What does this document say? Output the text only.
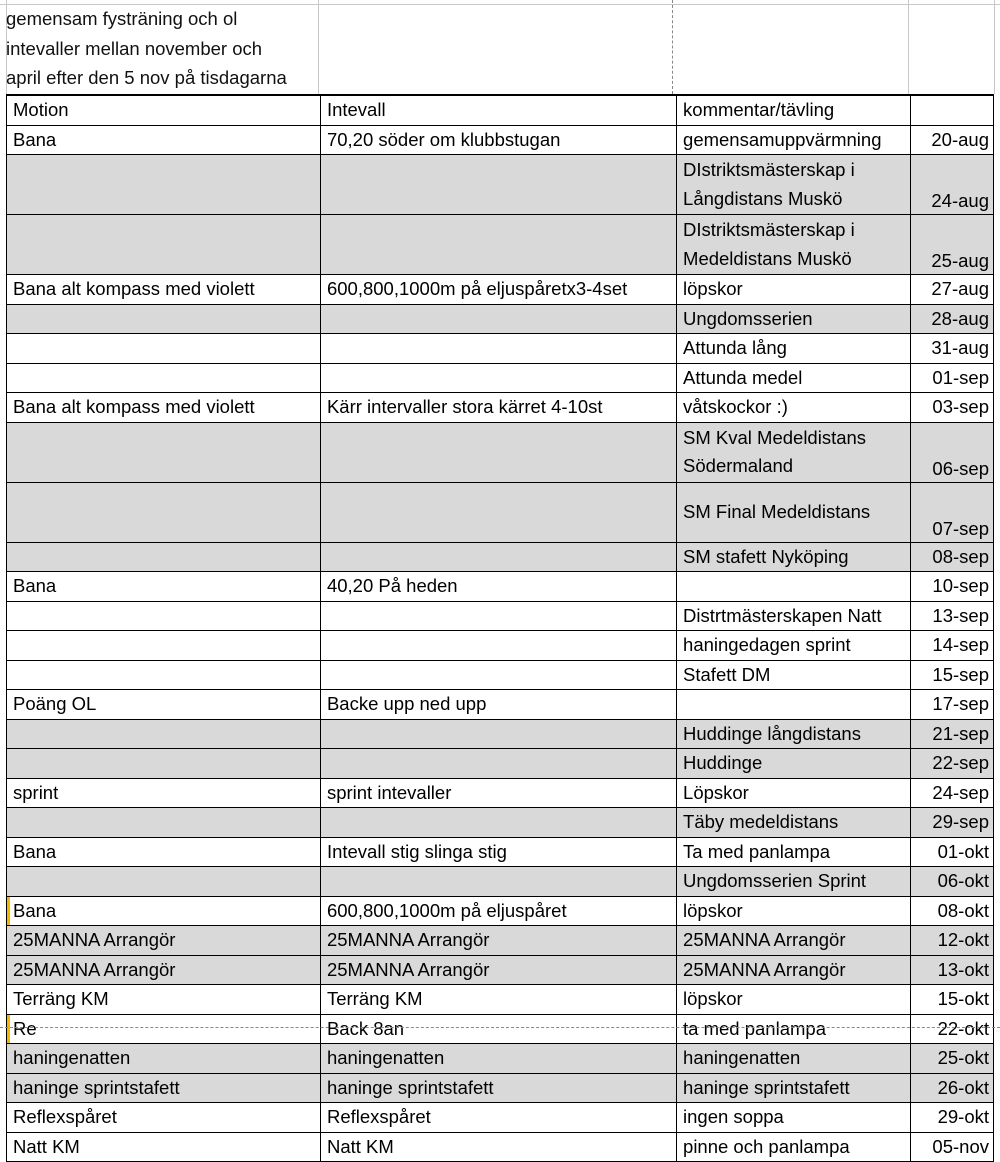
gemensam fysträning och ol
intevaller mellan november och
april efter den 5 nov på tisdagarna
Motion	Intevall	kommentar/tävling	
Bana	70,20 söder om klubbstugan	gemensamuppvärmning	20-aug
		DIstriktsmästerskap i Långdistans Muskö	24-aug
		DIstriktsmästerskap i Medeldistans Muskö	25-aug
Bana alt kompass med violett	600,800,1000m på eljuspåretx3-4set	löpskor	27-aug
		Ungdomsserien	28-aug
		Attunda lång	31-aug
		Attunda medel	01-sep
Bana alt kompass med violett	Kärr intervaller stora kärret 4-10st	våtskockor :)	03-sep
		SM Kval Medeldistans Södermaland	06-sep
		SM Final Medeldistans	07-sep
		SM stafett Nyköping	08-sep
Bana	40,20 På heden		10-sep
		Distrtmästerskapen Natt	13-sep
		haningedagen sprint	14-sep
		Stafett DM	15-sep
Poäng OL	Backe upp ned upp		17-sep
		Huddinge långdistans	21-sep
		Huddinge	22-sep
sprint	sprint intevaller	Löpskor	24-sep
		Täby medeldistans	29-sep
Bana	Intevall stig slinga stig	Ta med panlampa	01-okt
		Ungdomsserien Sprint	06-okt
Bana	600,800,1000m på eljuspåret	löpskor	08-okt
25MANNA Arrangör	25MANNA Arrangör	25MANNA Arrangör	12-okt
25MANNA Arrangör	25MANNA Arrangör	25MANNA Arrangör	13-okt
Terräng KM	Terräng KM	löpskor	15-okt
Re	Back 8an	ta med panlampa	22-okt
haningenatten	haningenatten	haningenatten	25-okt
haninge sprintstafett	haninge sprintstafett	haninge sprintstafett	26-okt
Reflexspåret	Reflexspåret	ingen soppa	29-okt
Natt KM	Natt KM	pinne och panlampa	05-nov
